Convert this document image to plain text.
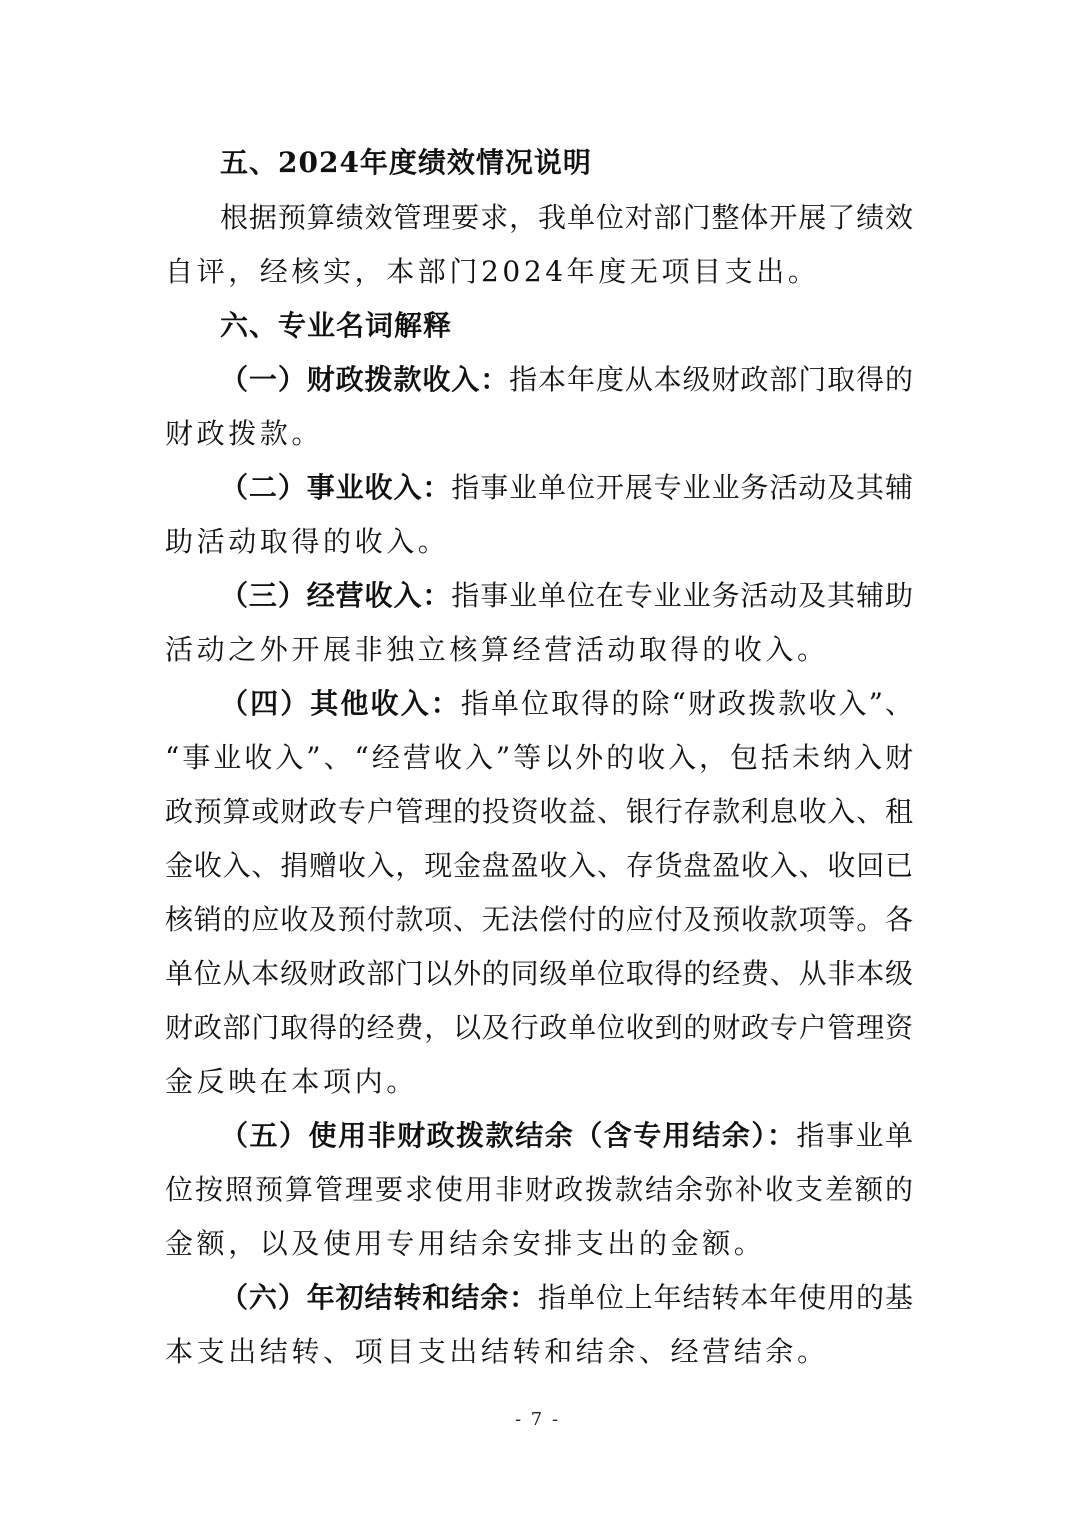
五、2024年度绩效情况说明
根据预算绩效管理要求，我单位对部门整体开展了绩效
自评，经核实，本部门2024年度无项目支出。
六、专业名词解释
（一）财政拨款收入：指本年度从本级财政部门取得的
财政拨款。
（二）事业收入：指事业单位开展专业业务活动及其辅
助活动取得的收入。
（三）经营收入：指事业单位在专业业务活动及其辅助
活动之外开展非独立核算经营活动取得的收入。
（四）其他收入：指单位取得的除“财政拨款收入”、
“事业收入”、“经营收入”等以外的收入，包括未纳入财
政预算或财政专户管理的投资收益、银行存款利息收入、租
金收入、捐赠收入，现金盘盈收入、存货盘盈收入、收回已
核销的应收及预付款项、无法偿付的应付及预收款项等。各
单位从本级财政部门以外的同级单位取得的经费、从非本级
财政部门取得的经费，以及行政单位收到的财政专户管理资
金反映在本项内。
（五）使用非财政拨款结余（含专用结余）：指事业单
位按照预算管理要求使用非财政拨款结余弥补收支差额的
金额，以及使用专用结余安排支出的金额。
（六）年初结转和结余：指单位上年结转本年使用的基
本支出结转、项目支出结转和结余、经营结余。
- 7 -
